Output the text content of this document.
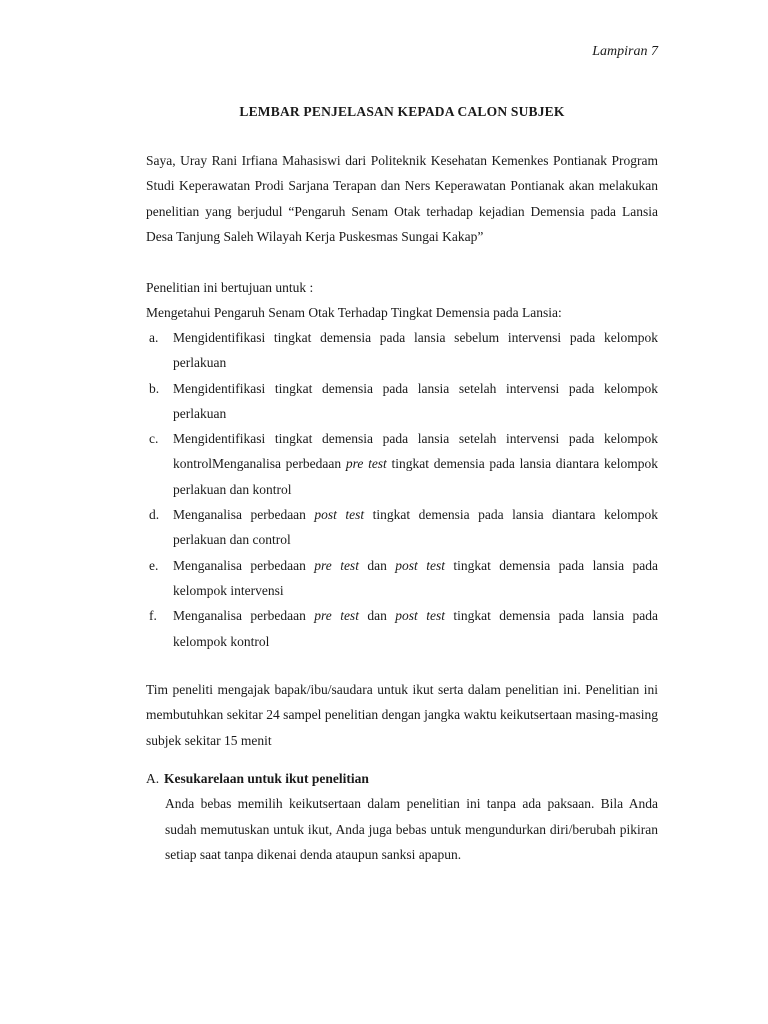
Lampiran 7
LEMBAR PENJELASAN KEPADA CALON SUBJEK
Saya, Uray Rani Irfiana Mahasiswi dari Politeknik Kesehatan Kemenkes Pontianak Program Studi Keperawatan Prodi Sarjana Terapan dan Ners Keperawatan Pontianak akan melakukan penelitian yang berjudul “Pengaruh Senam Otak terhadap kejadian Demensia pada Lansia Desa Tanjung Saleh Wilayah Kerja Puskesmas Sungai Kakap”
Penelitian ini bertujuan untuk :
Mengetahui Pengaruh Senam Otak Terhadap Tingkat Demensia pada Lansia:
a. Mengidentifikasi tingkat demensia pada lansia sebelum intervensi pada kelompok perlakuan
b. Mengidentifikasi tingkat demensia pada lansia setelah intervensi pada kelompok perlakuan
c. Mengidentifikasi tingkat demensia pada lansia setelah intervensi pada kelompok kontrolMenganalisa perbedaan pre test tingkat demensia pada lansia diantara kelompok perlakuan dan kontrol
d. Menganalisa perbedaan post test tingkat demensia pada lansia diantara kelompok perlakuan dan control
e. Menganalisa perbedaan pre test dan post test tingkat demensia pada lansia pada kelompok intervensi
f. Menganalisa perbedaan pre test dan post test tingkat demensia pada lansia pada kelompok kontrol
Tim peneliti mengajak bapak/ibu/saudara untuk ikut serta dalam penelitian ini. Penelitian ini membutuhkan sekitar 24 sampel penelitian dengan jangka waktu keikutsertaan masing-masing subjek sekitar 15 menit
A. Kesukarelaan untuk ikut penelitian
Anda bebas memilih keikutsertaan dalam penelitian ini tanpa ada paksaan. Bila Anda sudah memutuskan untuk ikut, Anda juga bebas untuk mengundurkan diri/berubah pikiran setiap saat tanpa dikenai denda ataupun sanksi apapun.
